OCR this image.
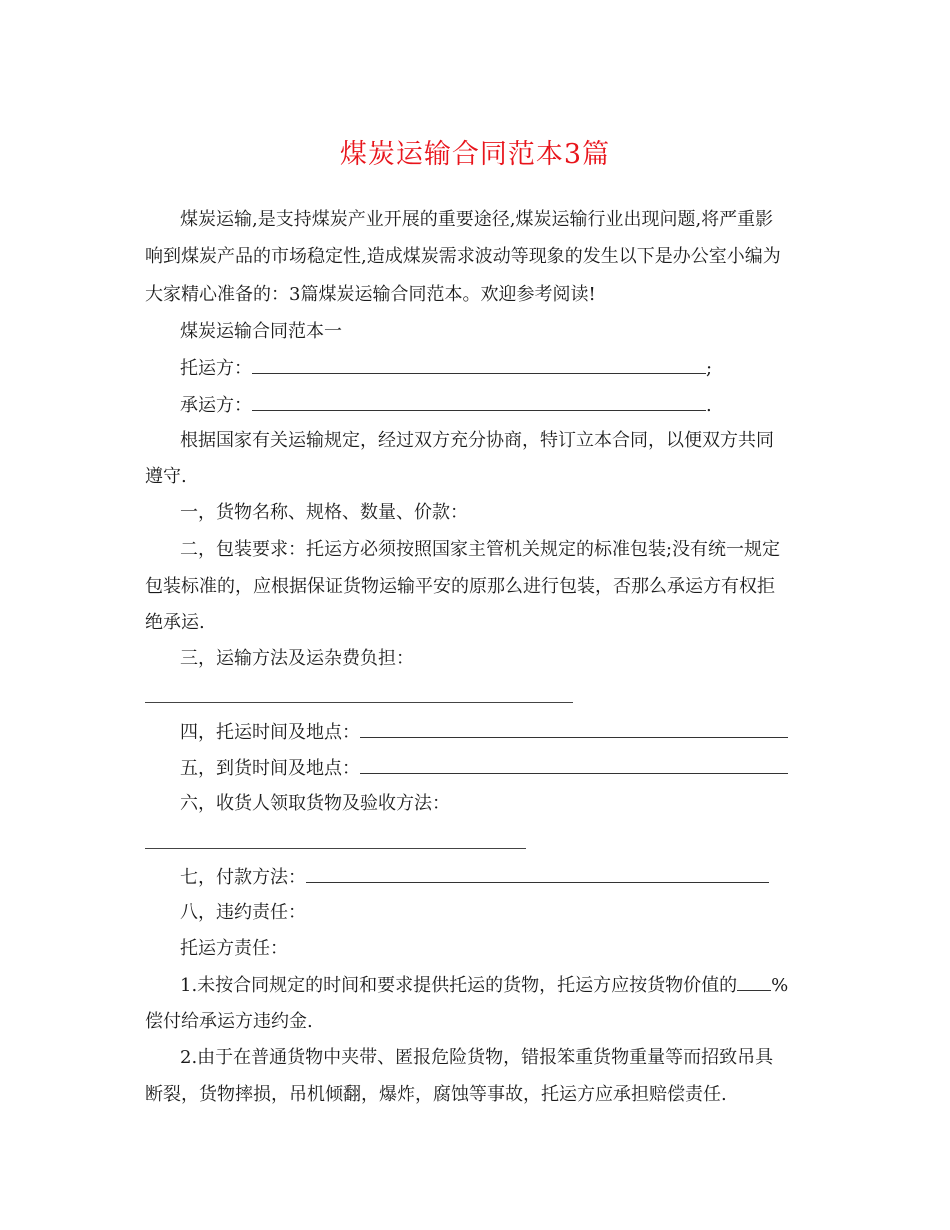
煤炭运输合同范本3篇
煤炭运输,是支持煤炭产业开展的重要途径,煤炭运输行业出现问题,将严重影
响到煤炭产品的市场稳定性,造成煤炭需求波动等现象的发生以下是办公室小编为
大家精心准备的：3篇煤炭运输合同范本。欢迎参考阅读!
煤炭运输合同范本一
托运方：	;
承运方：	.
根据国家有关运输规定，经过双方充分协商，特订立本合同，以便双方共同
遵守.
一，货物名称、规格、数量、价款：
二，包装要求：托运方必须按照国家主管机关规定的标准包装;没有统一规定
包装标准的，应根据保证货物运输平安的原那么进行包装，否那么承运方有权拒
绝承运.
三，运输方法及运杂费负担：
四，托运时间及地点：
五，到货时间及地点：
六，收货人领取货物及验收方法：
七，付款方法：
八，违约责任：
托运方责任：
1.未按合同规定的时间和要求提供托运的货物，托运方应按货物价值的 %
偿付给承运方违约金.
2.由于在普通货物中夹带、匿报危险货物，错报笨重货物重量等而招致吊具
断裂，货物摔损，吊机倾翻，爆炸，腐蚀等事故，托运方应承担赔偿责任.
